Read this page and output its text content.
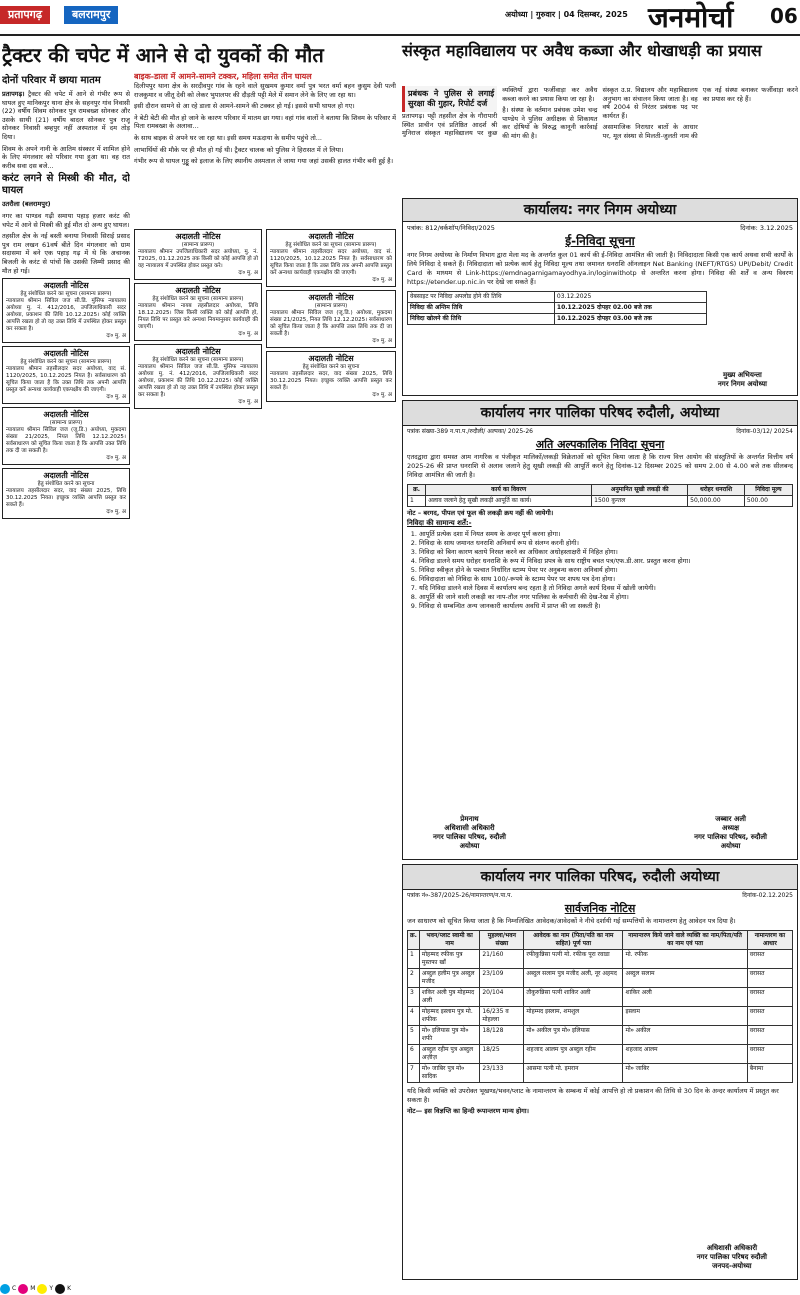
प्रतापगढ़	बलरामपुर	अयोध्या | गुरुवार | 04 दिसम्बर, 2025 जनमोर्चा 06
ट्रैक्टर की चपेट में आने से दो युवकों की मौत
दोनों परिवार में छाया मातम

प्रतापगढ़। ट्रैक्टर की चपेट में आने से गंभीर रूप से घायल हुए मानिकपुर थाना क्षेत्र के सहनपुर गांव निवासी (22) वर्षीय शिवम सोनकर पुत्र रामबख्श सोनकर और उसके साथी (21) वर्षीय बादल सोनकर पुत्र राजू सोनकर निवासी बम्हपुर नहीं अस्पताल में दम तोड़ दिया।

शिवम के अपने नानी के आतिम संस्कार में शामिल होने के लिए मंगलवार को परिवार गया हुआ था। वह रात करीब सवा दस बजे...

करंट लगने से मिस्त्री की मौत, दो घायल

उतरौला (बलरामपुर)

नगर का पाण्डव गढ़ी समाया पहाड़ हजार करंट की चपेट में आने से मिस्त्री की हुई मौत दो अन्य हुए घायल।

तहसील क्षेत्र के नई बस्ती बनाया निवासी सिराई प्रसाद पुत्र राम लखन 61वर्ष बीते दिन मंगलवार को ग्राम सदासमा में बने एक पहाड़ गढ़ में थे कि अचानक बिजली के करंट से पांचों कि उसकी जिम्मी प्रसाद की मौत हो गई।

अदालती नोटिस
हेतु संशोधित करने का सूचना (सामान्य प्रारूप)
न्यायालय श्रीमान सिविल जज सी.डि. मुंसिफ न्यायालय अयोध्या मु. नं. 412/2016, उपजिलाधिकारी सदर अयोध्या, प्रकाशन की तिथि 10.12.2025। कोई व्यक्ति आपत्ति रखता हो तो वह उक्त तिथि में उपस्थित होकर प्रस्तुत कर सकता है।
दः० मु. अ
अदालती नोटिस
हेतु संशोधित करने का सूचना (सामान्य प्रारूप)
न्यायालय श्रीमान तहसीलदार सदर अयोध्या, वाद सं. 1120/2025, 10.12.2025 नियत है। सर्वसाधारण को सूचित किया जाता है कि उक्त तिथि तक अपनी आपत्ति प्रस्तुत करें अन्यथा कार्यवाही एकपक्षीय की जाएगी।
दः० मु. अ
अदालती नोटिस
(सामान्य प्रारूप)
न्यायालय श्रीमान सिविल जज (जू.डि.) अयोध्या, मुकदमा संख्या 21/2025, नियत तिथि 12.12.2025। सर्वसाधारण को सूचित किया जाता है कि आपत्ति उक्त तिथि तक दी जा सकती है।
दः० मु. अ
अदालती नोटिस
हेतु संशोधित करने का सूचना
न्यायालय तहसीलदार सदर, वाद संख्या 2025, तिथि 30.12.2025 नियत। इच्छुक व्यक्ति आपत्ति प्रस्तुत कर सकते हैं।
दः० मु. अ
बाइक-डाला में आमने-सामने टक्कर, महिला समेत तीन घायल

दिलीपपुर थाना क्षेत्र के सरदीवपुर गांव के रहने वाले सुखमय कुमार वर्मा पुत्र भरत वर्मा बहन कुसुम देवी पत्नी राजकुमार व जीतू देवी को लेकर भुपालपर की दौड़ती पट्टी मेले में समान लेने के लिए जा रहा था।

इसी दौरान सामने से आ रहे डाला से आमने-सामने की टक्कर हो गई। इससे सभी घायल हो गए।

ने बेटी बेटी की मौत हो जाने के कारण परिवार में मातम छा गया। वहां गांव वालों ने बताया कि शिवम के परिवार में पिता रामबख्श के अलावा...

के साथ बाइक से अपने घर जा रहा था। इसी समय मऊदाया के समीप पहुंचे तो...

लाभार्थियों की मौके पर ही मौत हो गई थी। ट्रैक्टर चालक को पुलिस ने हिरासत में ले लिया।

गंभीर रूप से घायल गुड्डू को इलाज के लिए स्थानीय अस्पताल ले जाया गया जहां उसकी हालत गंभीर बनी हुई है।

अदालती नोटिस
(सामान्य प्रारूप)
न्यायालय श्रीमान उपजिलाधिकारी सदर अयोध्या, मु. नं. T2025, 01.12.2025 तक किसी को कोई आपत्ति हो तो वह न्यायालय में उपस्थित होकर प्रस्तुत करे।
दः० मु. अ
अदालती नोटिस
हेतु संशोधित करने का सूचना (सामान्य प्रारूप)
न्यायालय श्रीमान नायब तहसीलदार अयोध्या, तिथि 18.12.2025। जिस किसी व्यक्ति को कोई आपत्ति हो, नियत तिथि पर प्रस्तुत करे अन्यथा नियमानुसार कार्यवाही की जाएगी।
दः० मु. अ
अदालती नोटिस
हेतु संशोधित करने का सूचना (सामान्य प्रारूप)
न्यायालय श्रीमान सिविल जज सी.डि. मुंसिफ न्यायालय अयोध्या मु. नं. 412/2016, उपजिलाधिकारी सदर अयोध्या, प्रकाशन की तिथि 10.12.2025। कोई व्यक्ति आपत्ति रखता हो तो वह उक्त तिथि में उपस्थित होकर प्रस्तुत कर सकता है।
दः० मु. अ
अदालती नोटिस
हेतु संशोधित करने का सूचना (सामान्य प्रारूप)
न्यायालय श्रीमान तहसीलदार सदर अयोध्या, वाद सं. 1120/2025, 10.12.2025 नियत है। सर्वसाधारण को सूचित किया जाता है कि उक्त तिथि तक अपनी आपत्ति प्रस्तुत करें अन्यथा कार्यवाही एकपक्षीय की जाएगी।
दः० मु. अ
अदालती नोटिस
(सामान्य प्रारूप)
न्यायालय श्रीमान सिविल जज (जू.डि.) अयोध्या, मुकदमा संख्या 21/2025, नियत तिथि 12.12.2025। सर्वसाधारण को सूचित किया जाता है कि आपत्ति उक्त तिथि तक दी जा सकती है।
दः० मु. अ
अदालती नोटिस
हेतु संशोधित करने का सूचना
न्यायालय तहसीलदार सदर, वाद संख्या 2025, तिथि 30.12.2025 नियत। इच्छुक व्यक्ति आपत्ति प्रस्तुत कर सकते हैं।
दः० मु. अ
संस्कृत महाविद्यालय पर अवैध कब्जा और धोखाधड़ी का प्रयास
प्रबंधक ने पुलिस से लगाई सुरक्षा की गुहार, रिपोर्ट दर्ज

प्रतापगढ़। पट्टी तहसील क्षेत्र के गौरापारी स्थित प्राचीन एवं प्रतिष्ठित आदर्श श्री मुनिराज संस्कृत महाविद्यालय पर कुछ व्यक्तियों द्वारा फर्जीवाड़ा कर अवैध कब्जा करने का प्रयास किया जा रहा है।

है। संस्था के वर्तमान प्रबंधक उमेश चन्द्र पाण्डेय ने पुलिस अधीक्षक से शिकायत कर दोषियों के विरुद्ध कानूनी कार्रवाई की मांग की है।

संस्कृत उ.प्र. विद्यालय और महाविद्यालय अनुभाग का संचालन किया जाता है। वह वर्ष 2004 से निरंतर प्रबंधक पद पर कार्यरत हैं।

असामाजिक निराधार बातों के आधार पर, मूल संस्था से मिलती-जुलती नाम की एक नई संस्था बनाकर फर्जीवाड़ा करने का प्रयास कर रहे हैं।

कार्यालय: नगर निगम अयोध्या
पत्रांक: 812/वर्कशॉप/निविदा/2025	दिनांक: 3.12.2025
ई-निविदा सूचना
नगर निगम अयोध्या के निर्माण विभाग द्वारा मेला मद के अन्तर्गत कुल 01 कार्य की ई-निविदा आमंत्रित की जाती है। निविदादाता किसी एक कार्य अथवा सभी कार्यों के लिये निविदा दे सकते हैं। निविदादाता को प्रत्येक कार्य हेतु निविदा मूल्य तथा जमानत धनराशि ऑनलाइन Net Banking (NEFT/RTGS) UPI/Debit/ Credit Card के माध्यम से Link-https://emdnagarnigamayodhya.in/loginwithotp से अन्तरित करना होगा। निविदा की शर्तें व अन्य विवरण https://etender.up.nic.in पर देखे जा सकते हैं।
वेबसाइट पर निविदा अपलोड होने की तिथि	03.12.2025
निविदा की अन्तिम तिथि	10.12.2025 दोपहर 02.00 बजे तक
निविदा खोलने की तिथि	10.12.2025 दोपहर 03.00 बजे तक
मुख्य अभियन्ता
नगर निगम अयोध्या
कार्यालय नगर पालिका परिषद रुदौली, अयोध्या
पत्रांक संख्या-389 न.पा.प./रुदौली/ अल्पका/ 2025-26	दिनांक-03/12/ 20254
अति अल्पकालिक निविदा सूचना
एतदद्वारा द्वारा समस्त आम नागरिक व पंजीकृत मालिकों/लकड़ी विक्रेताओं को सूचित किया जाता है कि राज्य वित्त आयोग की संस्तुतियों के अन्तर्गत वित्तीय वर्ष 2025-26 की प्राप्त धनराशि से अलाव जलाने हेतु सूखी लकड़ी की आपूर्ति करने हेतु दिनांक-12 दिसम्बर 2025 को समय 2.00 से 4.00 बजे तक सीलबन्द निविदा आमंत्रित की जाती है।
क्र.	कार्य का विवरण	अनुमानित सूखी लकड़ी की	धरोहर धनराशि	निविदा मूल्य
1	अलाव जलाने हेतु सूखी लकड़ी आपूर्ति का कार्य।	1500 कुन्तल	50,000.00	500.00
नोट – बरगद, पीपल एवं फूल की लकड़ी क्रय नहीं की जायेगी।
निविदा की सामान्य शर्तें:-
1. आपूर्ति प्रत्येक दशा में नियत समय के अन्दर पूर्ण करना होगा।
2. निविदा के साथ जमानत धनराशि अनिवार्य रूप से संलग्न करनी होगी।
3. निविदा को बिना कारण बताये निरस्त करने का अधिकार अधोहस्ताक्षरी में निहित होगा।
4. निविदा डालने समय धरोहर धनराशि के रूप में निविदा प्रपत्र के साथ राष्ट्रीय बचत पत्र/एफ.डी.आर. प्रस्तुत करना होगा।
5. निविदा स्वीकृत होने के पश्चात निर्धारित स्टाम्प पेपर पर अनुबन्ध करना अनिवार्य होगा।
6. निविदादाता को निविदा के साथ 100/-रूपये के स्टाम्प पेपर पर शपथ पत्र देना होगा।
7. यदि निविदा डालने वाले दिवस में कार्यालय बन्द रहता है तो निविदा अगले कार्य दिवस में खोली जायेगी।
8. आपूर्ति की जाने वाली लकड़ी का नाप-तौल नगर पालिका के कर्मचारी की देख-रेख में होगा।
9. निविदा से सम्बन्धित अन्य जानकारी कार्यालय अवधि में प्राप्त की जा सकती है।
प्रेमनाथ
अधिशासी अधिकारी
नगर पालिका परिषद, रुदौली
अयोध्या
जब्बार अली
अध्यक्ष
नगर पालिका परिषद, रुदौली
अयोध्या
कार्यालय नगर पालिका परिषद, रुदौली अयोध्या
पत्रांक नं०-387/2025-26/नामान्तरण/न.पा.प.	दिनांक-02.12.2025
सार्वजनिक नोटिस
जन साधारण को सूचित किया जाता है कि निम्नलिखित आवेदक/आवेदकों ने नीचे दर्शायी गई सम्पत्तियों के नामान्तरण हेतु आवेदन पत्र दिया है।
क्र.	भवन/प्लाट स्वामी का नाम	मुहल्ला/भवन संख्या	आवेदक का नाम (पिता/पति का नाम सहित) पूर्ण पता	नामान्तरण किये जाने वाले व्यक्ति का नाम/पिता/पति का नाम एवं पता	नामान्तरण का आधार
1	मोहम्मद रफीक पुत्र मुस्तफा खाँ	21/160	रफीकुन्निसा पत्नी मो. रफीक पूरा रवाडा	मो. रफीक	वरासत
2	अब्दुल हलीम पुत्र अब्दुल मजीद	23/109	अब्दुल सलाम पुत्र मजीद अली, नूर अहमद	अब्दुल सलाम	वरासत
3	शकिर अली पुत्र मोहम्मद अली	20/104	तौकुरुन्निसा पत्नी शाकिर अली	शाकिर अली	वरासत
4	मोहम्मद इस्लाम पुत्र मो. शफीक	16/235 व मोहल्ला	मोहम्मद इस्लाम, शमशुल	इस्लाम	वरासत
5	मो० इलियास पुत्र मो० शफी	18/128	मो० अकील पुत्र मो० इलियास	मो० अकील	वरासत
6	अब्दुल रहीम पुत्र अब्दुल अज़ीज़	18/25	शहजाद आलम पुत्र अब्दुल रहीम	शहजाद आलम	वरासत
7	मो० जाबिर पुत्र मो० सादिक	23/133	आसमा पत्नी मो. इमरान	मो० जाबिर	बैनामा
यदि किसी व्यक्ति को उपरोक्त भूखण्ड/भवन/प्लाट के नामान्तरण के सम्बन्ध में कोई आपत्ति हो तो प्रकाशन की तिथि से 30 दिन के अन्दर कार्यालय में प्रस्तुत कर सकता है।
नोट— इस विज्ञप्ति का हिन्दी रूपान्तरण मान्य होगा।
अधिशासी अधिकारी
नगर पालिका परिषद रुदौली
जनपद-अयोध्या
C M Y K
